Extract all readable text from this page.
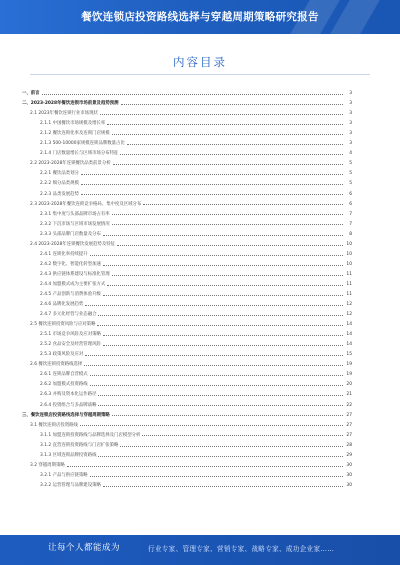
餐饮连锁店投资路线选择与穿越周期策略研究报告
内容目录
一、前言	3
二、2023-2028年餐饮连锁市场前景及趋势预测	3
2.1 2023年餐饮连锁行业市场现状	3
2.1.1 中国餐饮市场规模及增长率	3
2.1.2 餐饮连锁化率及连锁门店规模	3
2.1.3 500-10000家规模连锁品牌数量占比	3
2.1.4 门店数量增长与区域市场分布特征	4
2.2 2023-2028年连锁餐饮品类前景分析	5
2.2.1 餐饮品类划分	5
2.2.2 细分品类规模	5
2.2.3 品类发展趋势	6
2.3 2023-2028年餐饮连锁竞争格局、集中度及区域分布	6
2.3.1 集中度与头部品牌市场占有率	7
2.3.2 下沉市场与区域市场发展情况	7
2.3.3 头部品牌门店数量及分布	8
2.4 2023-2028年连锁餐饮发展趋势及特征	10
2.4.1 连锁化率持续提升	10
2.4.2 数字化、智能化转型加速	10
2.4.3 供应链体系建设与标准化管理	11
2.4.4 加盟模式成为主要扩张方式	11
2.4.5 产品创新与消费体验升级	11
2.4.6 品牌化发展趋势	12
2.4.7 多元化经营与业态融合	12
2.5 餐饮连锁投资风险与应对策略	14
2.5.1 市场竞争风险及应对策略	14
2.5.2 食品安全及经营管理风险	14
2.5.3 政策风险及应对	15
2.6 餐饮连锁投资路线选择	19
2.6.1 连锁品牌自营模式	19
2.6.2 加盟模式投资路线	20
2.6.3 并购及资本化运作路径	21
2.6.4 投资组合与多品牌战略	22
三、餐饮连锁店投资路线选择与穿越周期策略	27
3.1 餐饮连锁店投资路线	27
3.1.1 加盟连锁投资路线与品牌选择及门店模型分析	27
3.1.2 直营连锁投资路线与门店扩张策略	28
3.1.3 区域连锁品牌投资路线	29
3.2 穿越周期策略	30
3.2.1 产品与供应链策略	30
3.2.2 运营管理与品牌建设策略	30
让每个人都能成为	行业专家、管理专家、营销专家、战略专家、成功企业家……
